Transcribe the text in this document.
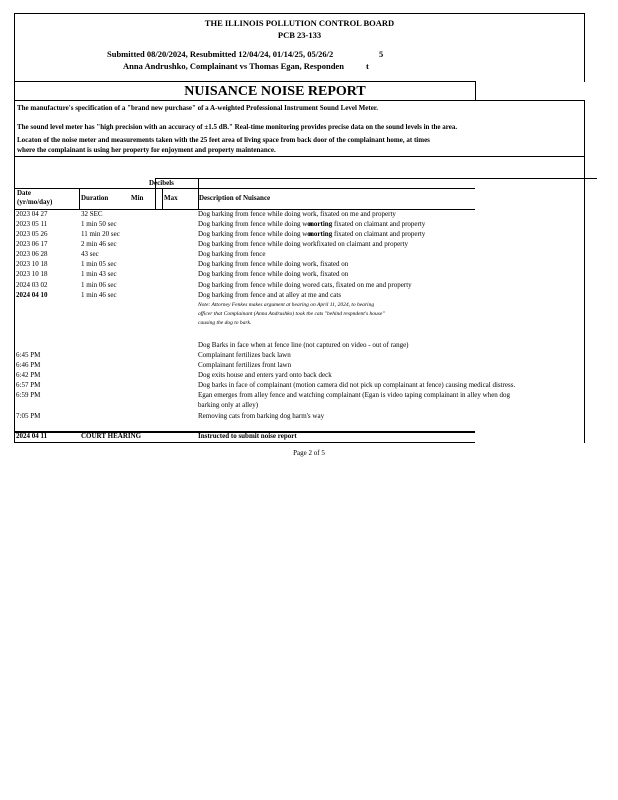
THE ILLINOIS POLLUTION CONTROL BOARD
PCB 23-133
Submitted 08/20/2024, Resubmitted 12/04/24, 01/14/25, 05/26/2	5
Anna Andrushko, Complainant vs Thomas Egan, Responden	t
NUISANCE NOISE REPORT
The manufacture's specification of a "brand new purchase" of a A-weighted Professional Instrument Sound Level Meter.
The sound level meter has "high precision with an accuracy of ±1.5 dB." Real-time monitoring provides precise data on the sound levels in the area.
Locaton of the noise meter and measurements taken with the 25 feet area of living space from back door of the complainant home, at times
where the complainant is using her property for enjoyment and property maintenance.
Decibels
Date
(yr/mo/day)	Duration	Min	Max	Description of Nuisance
2023 04 27	32 SEC	Dog barking from fence while doing work, fixated on me and property
2023 05 11	1 min 50 sec	Dog barking from fence while doing wormorting fixated on claimant and property
2023 05 26	11 min 20 sec	Dog barking from fence while doing wormorting fixated on claimant and property
2023 06 17	2 min 46 sec	Dog barking from fence while doing workfixated on claimant and property
2023 06 28	43 sec	Dog barking from fence
2023 10 18	1 min 05 sec	Dog barking from fence while doing work, fixated on
2023 10 18	1 min 43 sec	Dog barking from fence while doing work, fixated on
2024 03 02	1 min 06 sec	Dog barking from fence while doing wored cats, fixated on me and property
2024 04 10	1 min 46 sec	Dog barking from fence and at alley at me and cats
Note: Attorney Fenkes makes argument at hearing on April 11, 2024, to hearing
officer that Complainant (Anna Andrushko) took the cats "behind respndent's house"
causing the dog to bark.
Dog Barks in face when at fence line (not captured on video - out of range)
6:45 PM	Complainant fertilizes back lawn
6:46 PM	Complainant fertilizes front lawn
6:42 PM	Dog exits house and enters yard onto back deck
6:57 PM	Dog barks in face of complainant (motion camera did not pick up complainant at fence) causing medical distress.
6:59 PM	Egan emerges from alley fence and watching complainant (Egan is video taping complainant in alley when dog
barking only at alley)
7:05 PM	Removing cats from barking dog harm's way
2024 04 11	COURT HEARING	Instructed to submit noise report
Page 2 of 5
